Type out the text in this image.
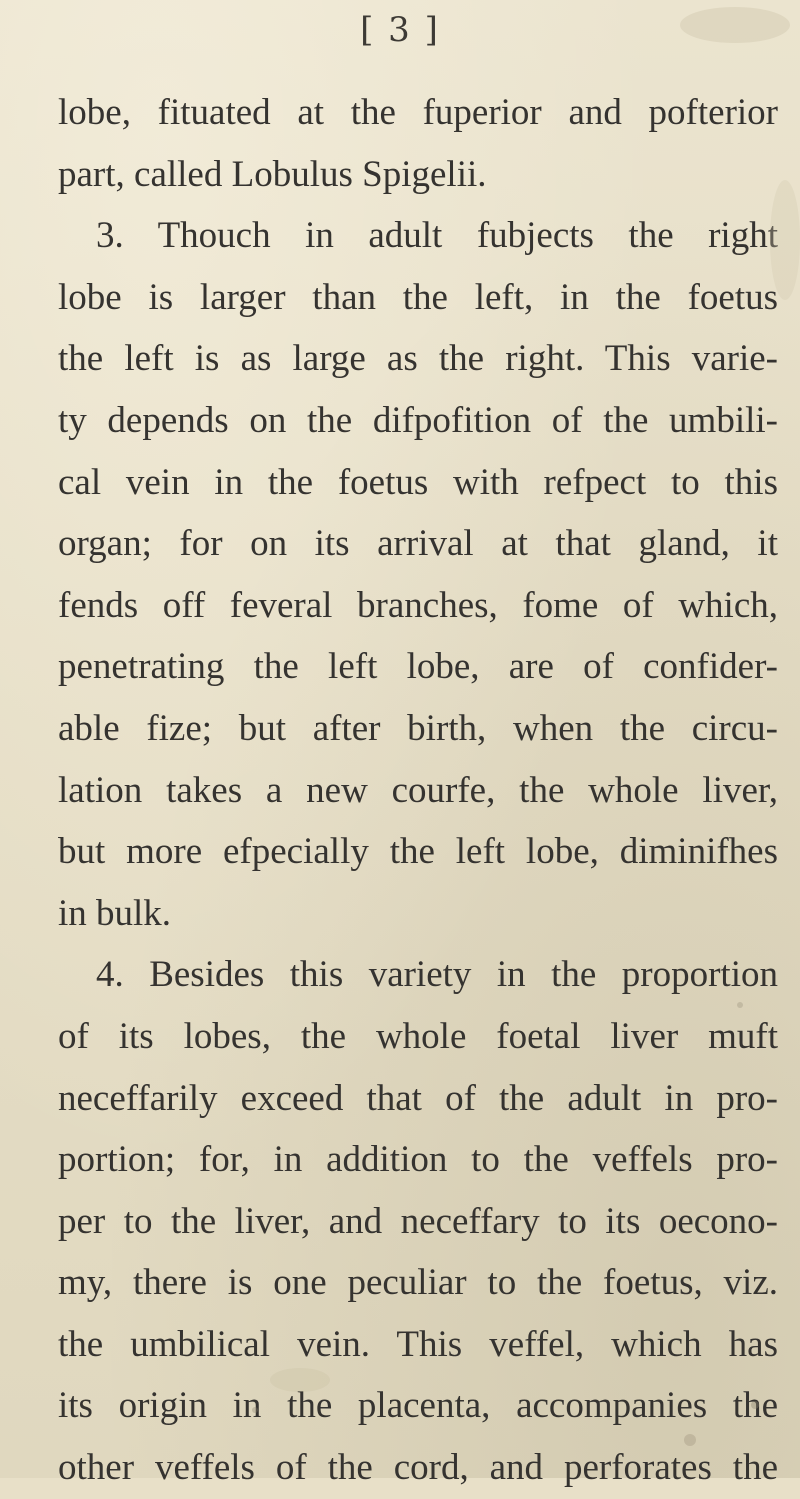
[ 3 ]
lobe, fituated at the fuperior and pofterior
part, called Lobulus Spigelii.
3. Thouch in adult fubjects the right
lobe is larger than the left, in the foetus
the left is as large as the right. This varie-
ty depends on the difpofition of the umbili-
cal vein in the foetus with refpect to this
organ; for on its arrival at that gland, it
fends off feveral branches, fome of which,
penetrating the left lobe, are of confider-
able fize; but after birth, when the circu-
lation takes a new courfe, the whole liver,
but more efpecially the left lobe, diminifhes
in bulk.
4. Besides this variety in the proportion
of its lobes, the whole foetal liver muft
neceffarily exceed that of the adult in pro-
portion; for, in addition to the veffels pro-
per to the liver, and neceffary to its oecono-
my, there is one peculiar to the foetus, viz.
the umbilical vein. This veffel, which has
its origin in the placenta, accompanies the
other veffels of the cord, and perforates the
